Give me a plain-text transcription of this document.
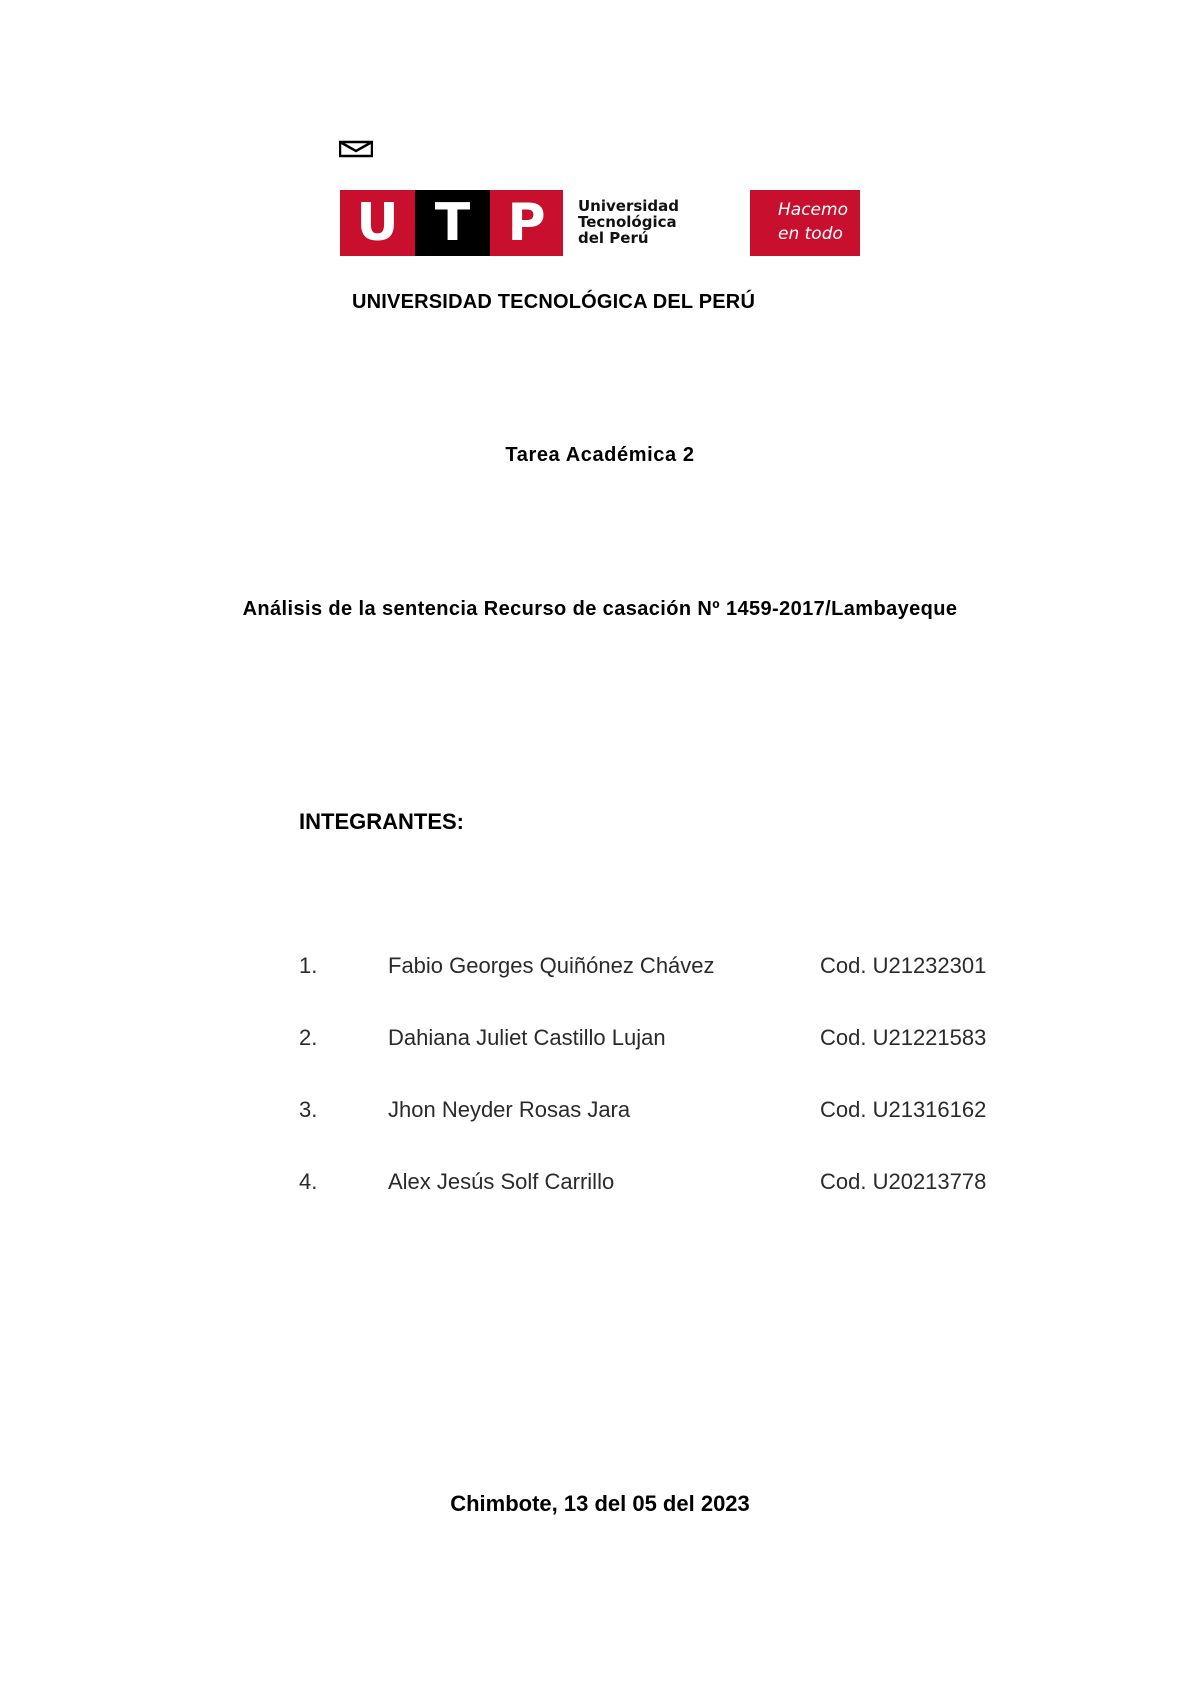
U T P	Universidad
Tecnológica
del Perú
Hacemo
en todo
UNIVERSIDAD TECNOLÓGICA DEL PERÚ
Tarea Académica 2
Análisis de la sentencia Recurso de casación Nº 1459-2017/Lambayeque
INTEGRANTES:
1.	Fabio Georges Quiñónez Chávez	Cod. U21232301
2.	Dahiana Juliet Castillo Lujan	Cod. U21221583
3.	Jhon Neyder Rosas Jara	Cod. U21316162
4.	Alex Jesús Solf Carrillo	Cod. U20213778
Chimbote, 13 del 05 del 2023
